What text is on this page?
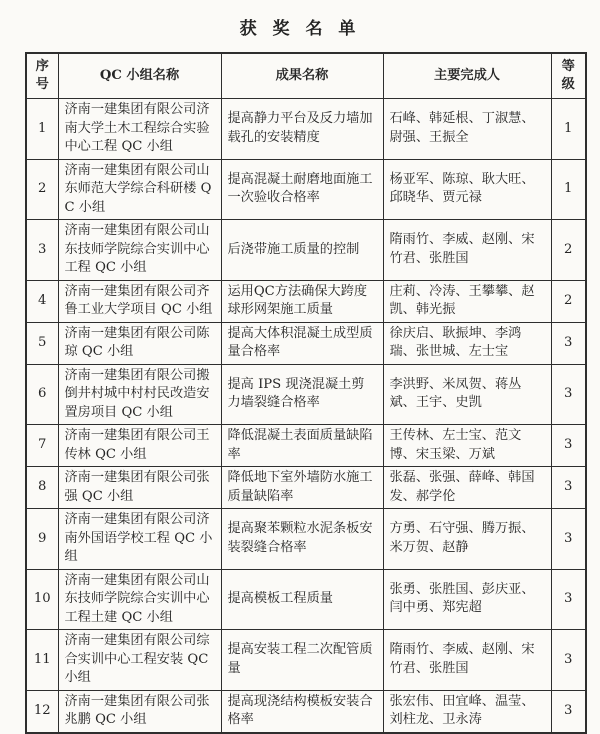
获 奖 名 单
序号	QC 小组名称	成果名称	主要完成人	等级
1	济南一建集团有限公司济南大学土木工程综合实验中心工程 QC 小组	提高静力平台及反力墙加载孔的安装精度	石峰、韩延根、丁淑慧、尉强、王振全	1
2	济南一建集团有限公司山东师范大学综合科研楼 QC 小组	提高混凝土耐磨地面施工一次验收合格率	杨亚军、陈琼、耿大旺、邱晓华、贾元禄	1
3	济南一建集团有限公司山东技师学院综合实训中心工程 QC 小组	后浇带施工质量的控制	隋雨竹、李威、赵刚、宋竹君、张胜国	2
4	济南一建集团有限公司齐鲁工业大学项目 QC 小组	运用QC方法确保大跨度球形网架施工质量	庄莉、冷涛、王攀攀、赵凯、韩光振	2
5	济南一建集团有限公司陈琼 QC 小组	提高大体积混凝土成型质量合格率	徐庆启、耿振坤、李鸿瑞、张世城、左士宝	3
6	济南一建集团有限公司搬倒井村城中村村民改造安置房项目 QC 小组	提高 IPS 现浇混凝土剪力墙裂缝合格率	李洪野、米凤贺、蒋丛斌、王宇、史凯	3
7	济南一建集团有限公司王传林 QC 小组	降低混凝土表面质量缺陷率	王传林、左士宝、范文博、宋玉梁、万斌	3
8	济南一建集团有限公司张强 QC 小组	降低地下室外墙防水施工质量缺陷率	张磊、张强、薛峰、韩国发、郝学伦	3
9	济南一建集团有限公司济南外国语学校工程 QC 小组	提高聚苯颗粒水泥条板安装裂缝合格率	方勇、石守强、腾万振、米万贺、赵静	3
10	济南一建集团有限公司山东技师学院综合实训中心工程土建 QC 小组	提高模板工程质量	张勇、张胜国、彭庆亚、闫中勇、郑宪超	3
11	济南一建集团有限公司综合实训中心工程安装 QC 小组	提高安装工程二次配管质量	隋雨竹、李威、赵刚、宋竹君、张胜国	3
12	济南一建集团有限公司张兆鹏 QC 小组	提高现浇结构模板安装合格率	张宏伟、田宜峰、温莹、刘柱龙、卫永涛	3
